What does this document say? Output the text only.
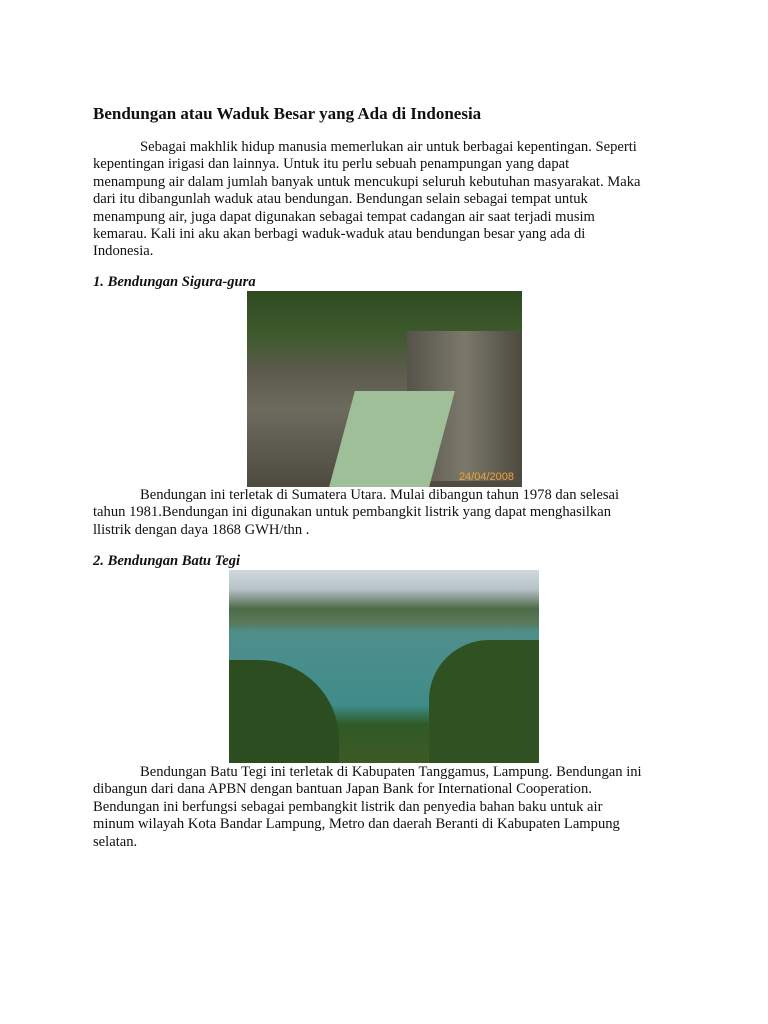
Bendungan atau Waduk Besar yang Ada di Indonesia
Sebagai makhlik hidup manusia memerlukan air untuk berbagai kepentingan. Seperti
kepentingan irigasi dan lainnya. Untuk itu perlu sebuah penampungan yang dapat
menampung air dalam jumlah banyak untuk mencukupi seluruh kebutuhan masyarakat. Maka
dari itu dibangunlah waduk atau bendungan. Bendungan selain sebagai tempat untuk
menampung air, juga dapat digunakan sebagai tempat cadangan air saat terjadi musim
kemarau. Kali ini aku akan berbagi waduk-waduk atau bendungan besar yang ada di
Indonesia.
1. Bendungan Sigura-gura
24/04/2008
Bendungan ini terletak di Sumatera Utara. Mulai dibangun tahun 1978 dan selesai
tahun 1981.Bendungan ini digunakan untuk pembangkit listrik yang dapat menghasilkan
llistrik dengan daya 1868 GWH/thn .
2. Bendungan Batu Tegi
Bendungan Batu Tegi ini terletak di Kabupaten Tanggamus, Lampung. Bendungan ini
dibangun dari dana APBN dengan bantuan Japan Bank for International Cooperation.
Bendungan ini berfungsi sebagai pembangkit listrik dan penyedia bahan baku untuk air
minum wilayah Kota Bandar Lampung, Metro dan daerah Beranti di Kabupaten Lampung
selatan.
